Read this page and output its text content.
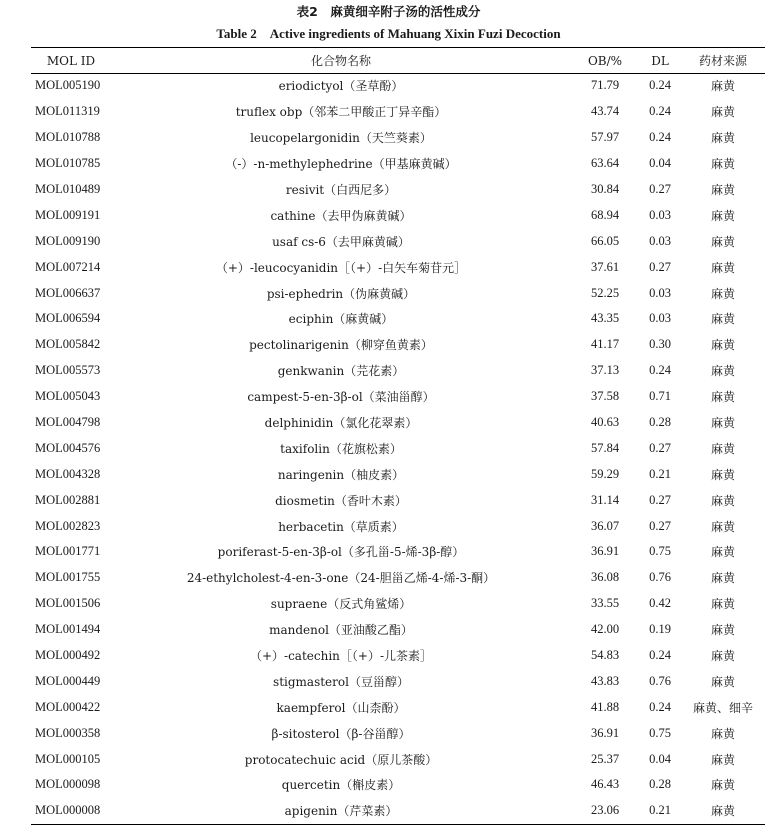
表2　麻黄细辛附子汤的活性成分
Table 2　Active ingredients of Mahuang Xixin Fuzi Decoction
MOL ID	化合物名称	OB/%	DL	药材来源
MOL005190	eriodictyol（圣草酚）	71.79	0.24	麻黄
MOL011319	truflex obp（邻苯二甲酸正丁异辛酯）	43.74	0.24	麻黄
MOL010788	leucopelargonidin（天竺葵素）	57.97	0.24	麻黄
MOL010785	（-）-n-methylephedrine（甲基麻黄碱）	63.64	0.04	麻黄
MOL010489	resivit（白西尼多）	30.84	0.27	麻黄
MOL009191	cathine（去甲伪麻黄碱）	68.94	0.03	麻黄
MOL009190	usaf cs-6（去甲麻黄碱）	66.05	0.03	麻黄
MOL007214	（+）-leucocyanidin［（+）-白矢车菊苷元］	37.61	0.27	麻黄
MOL006637	psi-ephedrin（伪麻黄碱）	52.25	0.03	麻黄
MOL006594	eciphin（麻黄碱）	43.35	0.03	麻黄
MOL005842	pectolinarigenin（柳穿鱼黄素）	41.17	0.30	麻黄
MOL005573	genkwanin（芫花素）	37.13	0.24	麻黄
MOL005043	campest-5-en-3β-ol（菜油甾醇）	37.58	0.71	麻黄
MOL004798	delphinidin（氯化花翠素）	40.63	0.28	麻黄
MOL004576	taxifolin（花旗松素）	57.84	0.27	麻黄
MOL004328	naringenin（柚皮素）	59.29	0.21	麻黄
MOL002881	diosmetin（香叶木素）	31.14	0.27	麻黄
MOL002823	herbacetin（草质素）	36.07	0.27	麻黄
MOL001771	poriferast-5-en-3β-ol（多孔甾-5-烯-3β-醇）	36.91	0.75	麻黄
MOL001755	24-ethylcholest-4-en-3-one（24-胆甾乙烯-4-烯-3-酮）	36.08	0.76	麻黄
MOL001506	supraene（反式角鲨烯）	33.55	0.42	麻黄
MOL001494	mandenol（亚油酸乙酯）	42.00	0.19	麻黄
MOL000492	（+）-catechin［（+）-儿茶素］	54.83	0.24	麻黄
MOL000449	stigmasterol（豆甾醇）	43.83	0.76	麻黄
MOL000422	kaempferol（山柰酚）	41.88	0.24	麻黄、细辛
MOL000358	β-sitosterol（β-谷甾醇）	36.91	0.75	麻黄
MOL000105	protocatechuic acid（原儿茶酸）	25.37	0.04	麻黄
MOL000098	quercetin（槲皮素）	46.43	0.28	麻黄
MOL000008	apigenin（芹菜素）	23.06	0.21	麻黄
